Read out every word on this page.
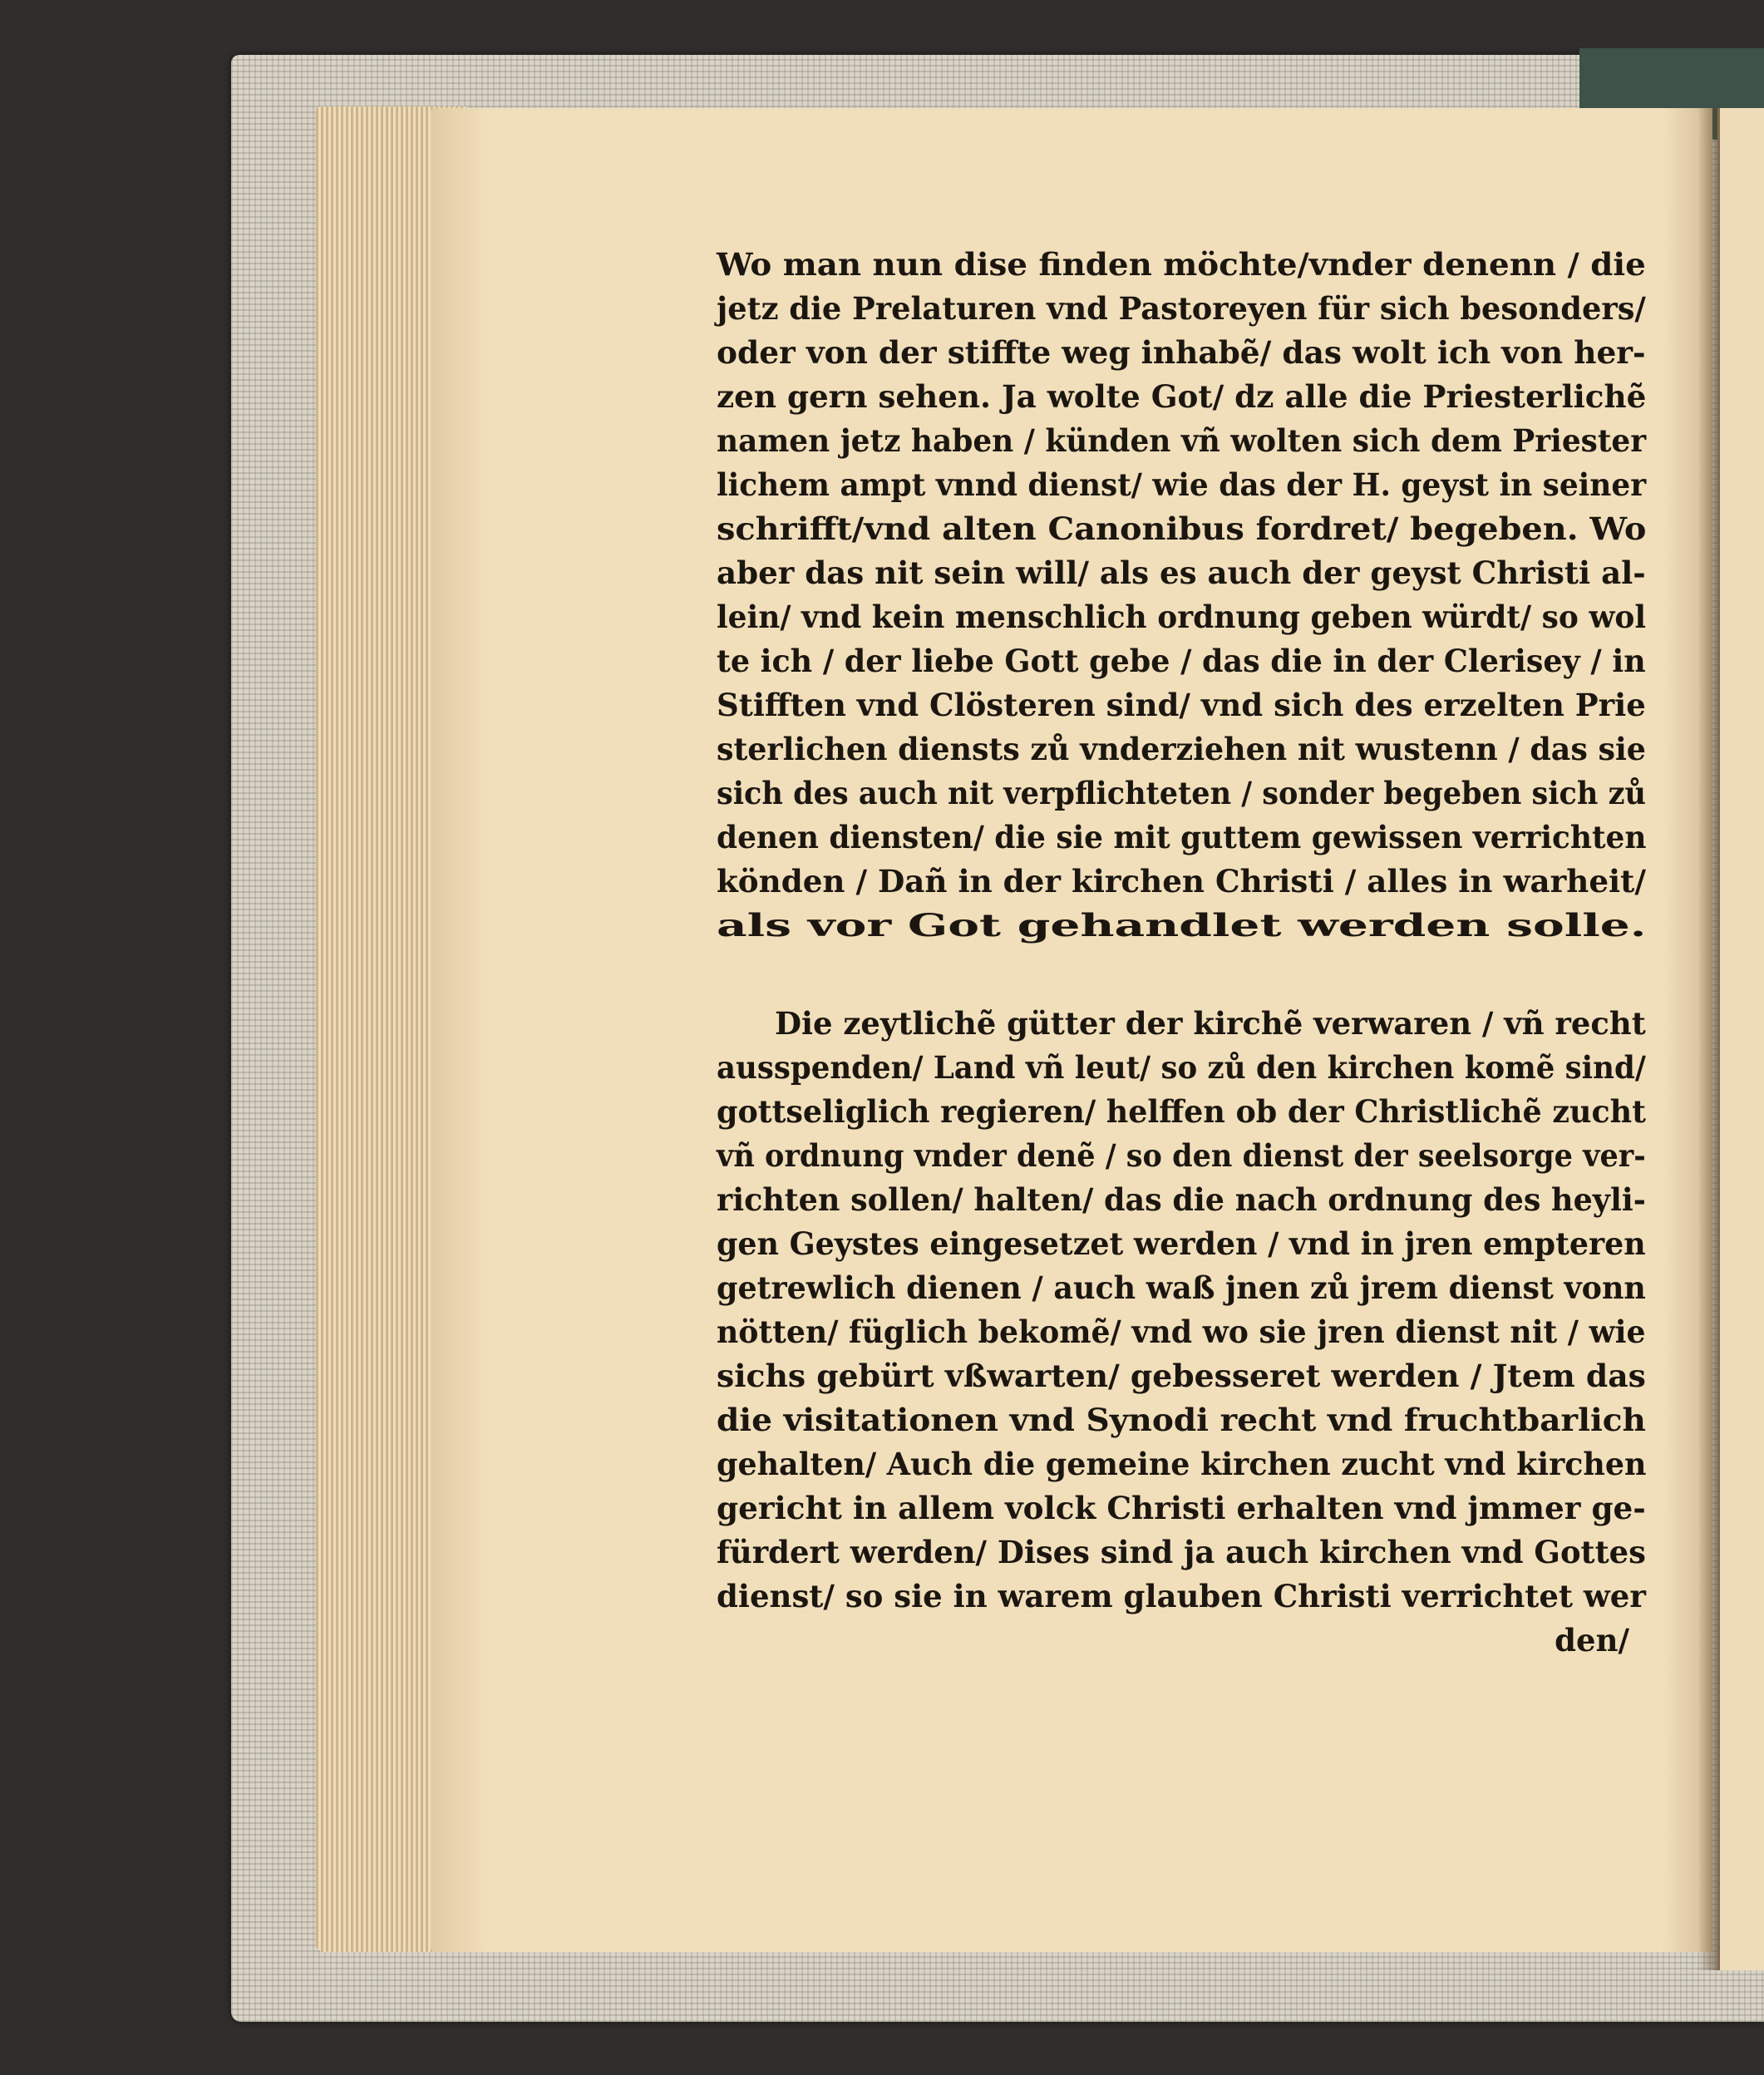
Wo man nun dise finden möchte/vnder denenn / die
jetz die Prelaturen vnd Pastoreyen für sich besonders/
oder von der stiffte weg inhabẽ/ das wolt ich von her-
zen gern sehen. Ja wolte Got/ dz alle die Priesterlichẽ
namen jetz haben / künden vñ wolten sich dem Priester
lichem ampt vnnd dienst/ wie das der H. geyst in seiner
schrifft/vnd alten Canonibus fordret/ begeben. Wo
aber das nit sein will/ als es auch der geyst Christi al-
lein/ vnd kein menschlich ordnung geben würdt/ so wol
te ich / der liebe Gott gebe / das die in der Clerisey / in
Stifften vnd Clösteren sind/ vnd sich des erzelten Prie
sterlichen diensts zů vnderziehen nit wustenn / das sie
sich des auch nit verpflichteten / sonder begeben sich zů
denen diensten/ die sie mit guttem gewissen verrichten
könden / Dañ in der kirchen Christi / alles in warheit/
als vor Got gehandlet werden solle.
Die zeytlichẽ gütter der kirchẽ verwaren / vñ recht
ausspenden/ Land vñ leut/ so zů den kirchen komẽ sind/
gottseliglich regieren/ helffen ob der Christlichẽ zucht
vñ ordnung vnder denẽ / so den dienst der seelsorge ver-
richten sollen/ halten/ das die nach ordnung des heyli-
gen Geystes eingesetzet werden / vnd in jren empteren
getrewlich dienen / auch waß jnen zů jrem dienst vonn
nötten/ füglich bekomẽ/ vnd wo sie jren dienst nit / wie
sichs gebürt vßwarten/ gebesseret werden / Jtem das
die visitationen vnd Synodi recht vnd fruchtbarlich
gehalten/ Auch die gemeine kirchen zucht vnd kirchen
gericht in allem volck Christi erhalten vnd jmmer ge-
fürdert werden/ Dises sind ja auch kirchen vnd Gottes
dienst/ so sie in warem glauben Christi verrichtet wer
den/
